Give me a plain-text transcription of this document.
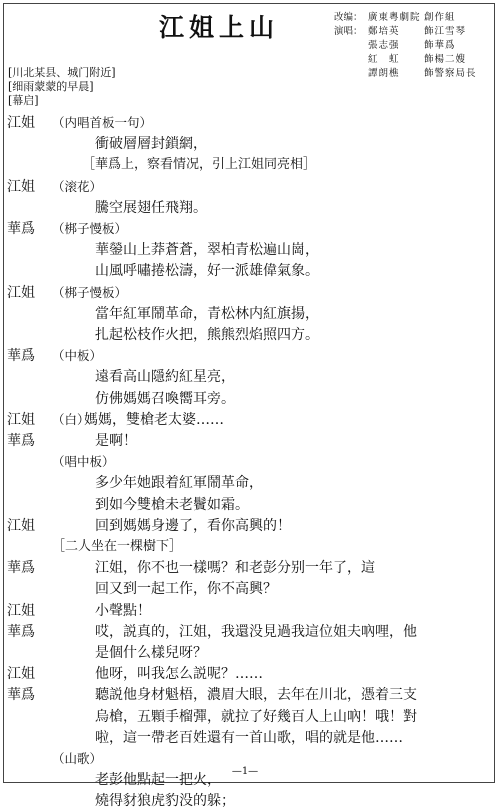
江姐上山	改编： 廣東粵劇院 創作組
演唱： 鄭培英	飾江雪琴
張志强	飾華爲
紅　虹	飾楊二嫂
譚朗樵	飾警察局長
[川北某县、城门附近]
[细雨蒙蒙的早晨]
[幕启]
江姐 （内唱首板一句）
衝破層層封鎖網，
［華爲上，察看情况，引上江姐同亮相］
江姐 （滚花）
騰空展翅任飛翔。
華爲 （梆子慢板）
華鎣山上莽蒼蒼，翠柏青松遍山崗，
山風呼嘯捲松濤，好一派雄偉氣象。
江姐 （梆子慢板）
當年紅軍鬧革命，青松林内紅旗揚，
扎起松枝作火把，熊熊烈焰照四方。
華爲 （中板）
遠看高山隱約紅星亮，
仿佛媽媽召喚嚮耳旁。
江姐 （白）
媽媽，雙槍老太婆……
華爲	是啊！
（唱中板）
多少年她跟着紅軍鬧革命，
到如今雙槍未老鬢如霜。
江姐	回到媽媽身邊了，看你高興的！
［二人坐在一棵樹下］
華爲	江姐，你不也一樣嗎？和老彭分别一年了，這
回又到一起工作，你不高興？
江姐	小聲點！
華爲	哎，説真的，江姐，我還没見過我這位姐夫吶哩，他
是個什么樣兒呀？
江姐	他呀，叫我怎么説呢？……
華爲	聽説他身材魁梧，濃眉大眼，去年在川北，憑着三支
烏槍，五顆手榴彈，就拉了好幾百人上山吶！哦！對
啦，這一帶老百姓還有一首山歌，唱的就是他……
（山歌）
老彭他點起一把火，
燒得豺狼虎豹没的躲；
—1—
